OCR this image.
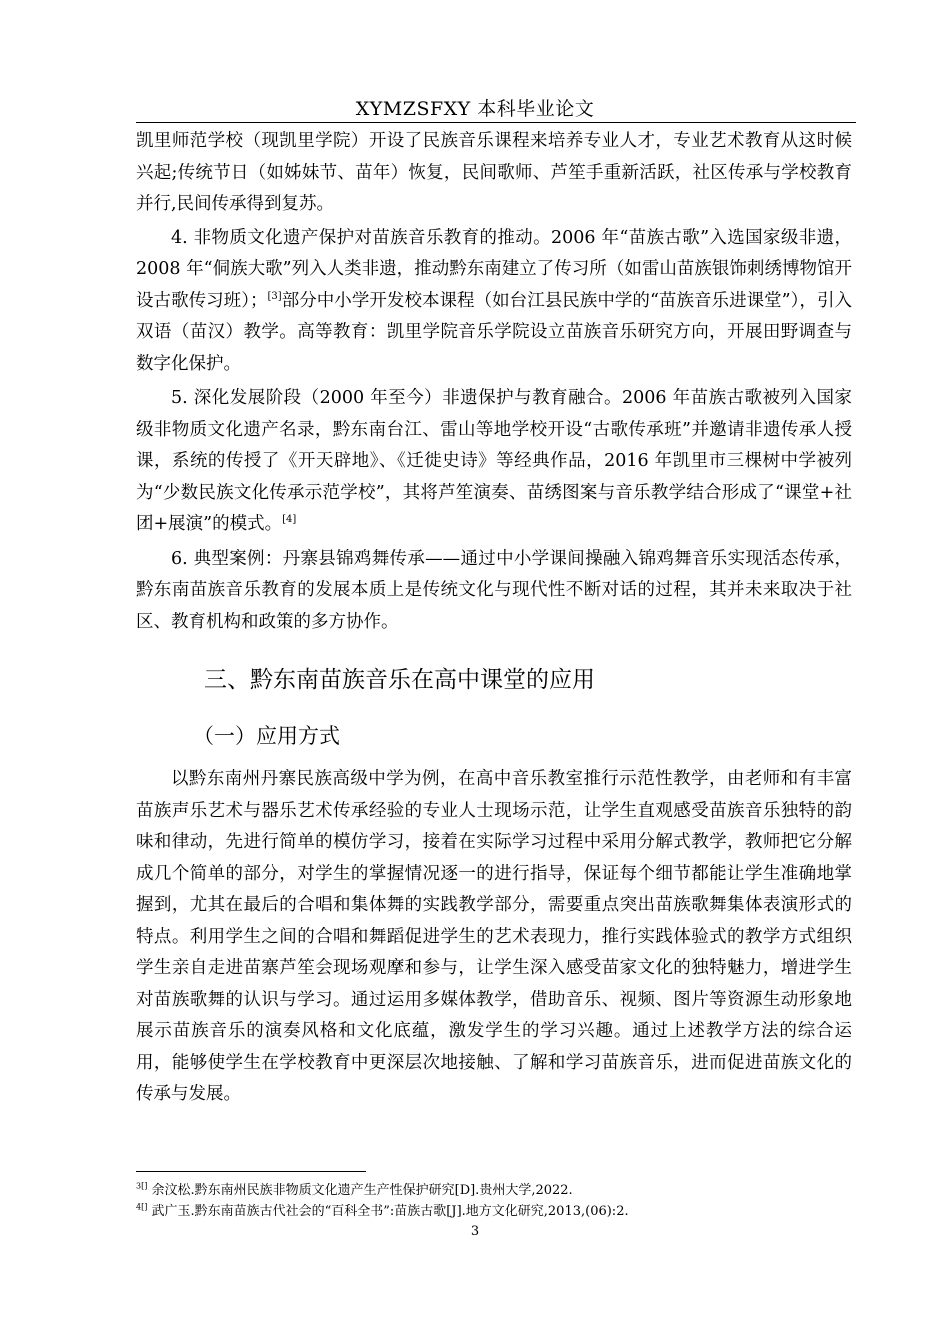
XYMZSFXY 本科毕业论文

凯里师范学校（现凯里学院）开设了民族音乐课程来培养专业人才，专业艺术教育从这时候兴起;传统节日（如姊妹节、苗年）恢复，民间歌师、芦笙手重新活跃，社区传承与学校教育并行,民间传承得到复苏。

4. 非物质文化遗产保护对苗族音乐教育的推动。2006 年“苗族古歌”入选国家级非遗，2008 年“侗族大歌”列入人类非遗，推动黔东南建立了传习所（如雷山苗族银饰刺绣博物馆开设古歌传习班）；[3]部分中小学开发校本课程（如台江县民族中学的“苗族音乐进课堂”），引入双语（苗汉）教学。高等教育：凯里学院音乐学院设立苗族音乐研究方向，开展田野调查与数字化保护。

5. 深化发展阶段（2000 年至今）非遗保护与教育融合。2006 年苗族古歌被列入国家级非物质文化遗产名录，黔东南台江、雷山等地学校开设“古歌传承班”并邀请非遗传承人授课，系统的传授了《开天辟地》、《迁徙史诗》等经典作品，2016 年凯里市三棵树中学被列为“少数民族文化传承示范学校”，其将芦笙演奏、苗绣图案与音乐教学结合形成了“课堂+社团+展演”的模式。[4]

6. 典型案例：丹寨县锦鸡舞传承——通过中小学课间操融入锦鸡舞音乐实现活态传承，黔东南苗族音乐教育的发展本质上是传统文化与现代性不断对话的过程，其并未来取决于社区、教育机构和政策的多方协作。

三、黔东南苗族音乐在高中课堂的应用
（一）应用方式

以黔东南州丹寨民族高级中学为例，在高中音乐教室推行示范性教学，由老师和有丰富苗族声乐艺术与器乐艺术传承经验的专业人士现场示范，让学生直观感受苗族音乐独特的韵味和律动，先进行简单的模仿学习，接着在实际学习过程中采用分解式教学，教师把它分解成几个简单的部分，对学生的掌握情况逐一的进行指导，保证每个细节都能让学生准确地掌握到，尤其在最后的合唱和集体舞的实践教学部分，需要重点突出苗族歌舞集体表演形式的特点。利用学生之间的合唱和舞蹈促进学生的艺术表现力，推行实践体验式的教学方式组织学生亲自走进苗寨芦笙会现场观摩和参与，让学生深入感受苗家文化的独特魅力，增进学生对苗族歌舞的认识与学习。通过运用多媒体教学，借助音乐、视频、图片等资源生动形象地展示苗族音乐的演奏风格和文化底蕴，激发学生的学习兴趣。通过上述教学方法的综合运用，能够使学生在学校教育中更深层次地接触、了解和学习苗族音乐，进而促进苗族文化的传承与发展。

$^{3[]}$ 余汶松.黔东南州民族非物质文化遗产生产性保护研究[D].贵州大学,2022.
$^{4[]}$ 武广玉.黔东南苗族古代社会的“百科全书”:苗族古歌[J].地方文化研究,2013,(06):2.
3
